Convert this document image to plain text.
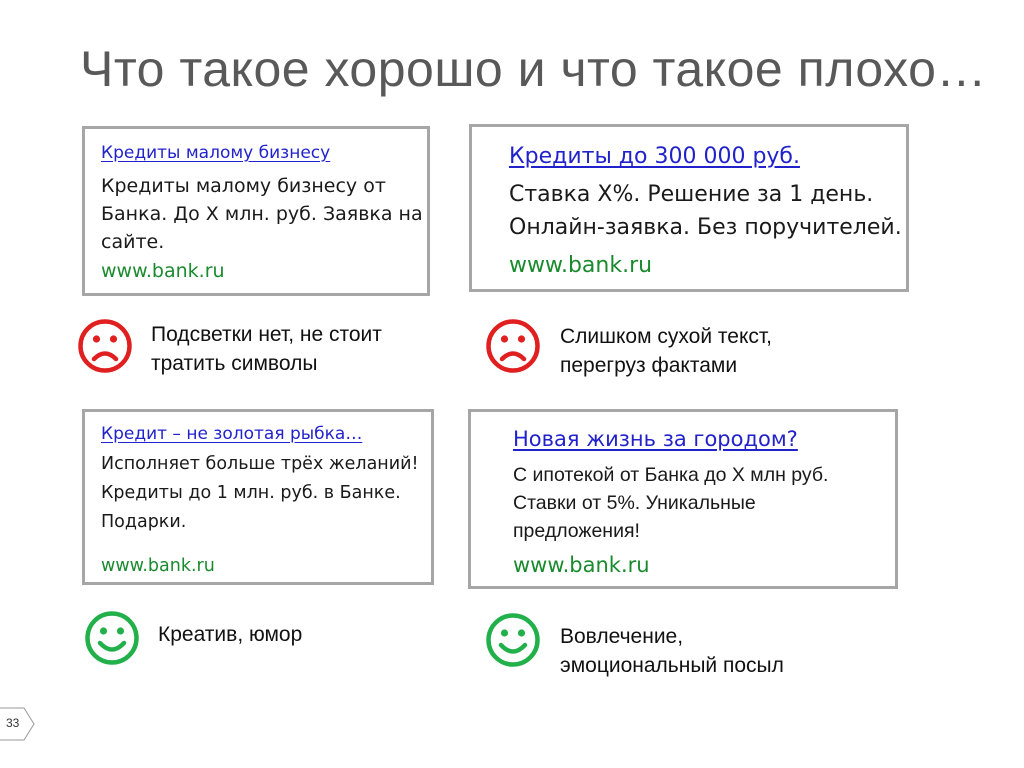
Что такое хорошо и что такое плохо…
Кредиты малому бизнесу
Кредиты малому бизнесу от
Банка. До Х млн. руб. Заявка на
сайте.
www.bank.ru
Кредиты до 300 000 руб.
Ставка Х%. Решение за 1 день.
Онлайн-заявка. Без поручителей.
www.bank.ru
Кредит – не золотая рыбка…
Исполняет больше трёх желаний!
Кредиты до 1 млн. руб. в Банке.
Подарки.
www.bank.ru
Новая жизнь за городом?
С ипотекой от Банка до Х млн руб.
Ставки от 5%. Уникальные
предложения!
www.bank.ru
Подсветки нет, не стоит
тратить символы
Слишком сухой текст,
перегруз фактами
Креатив, юмор	Вовлечение,
эмоциональный посыл
33
